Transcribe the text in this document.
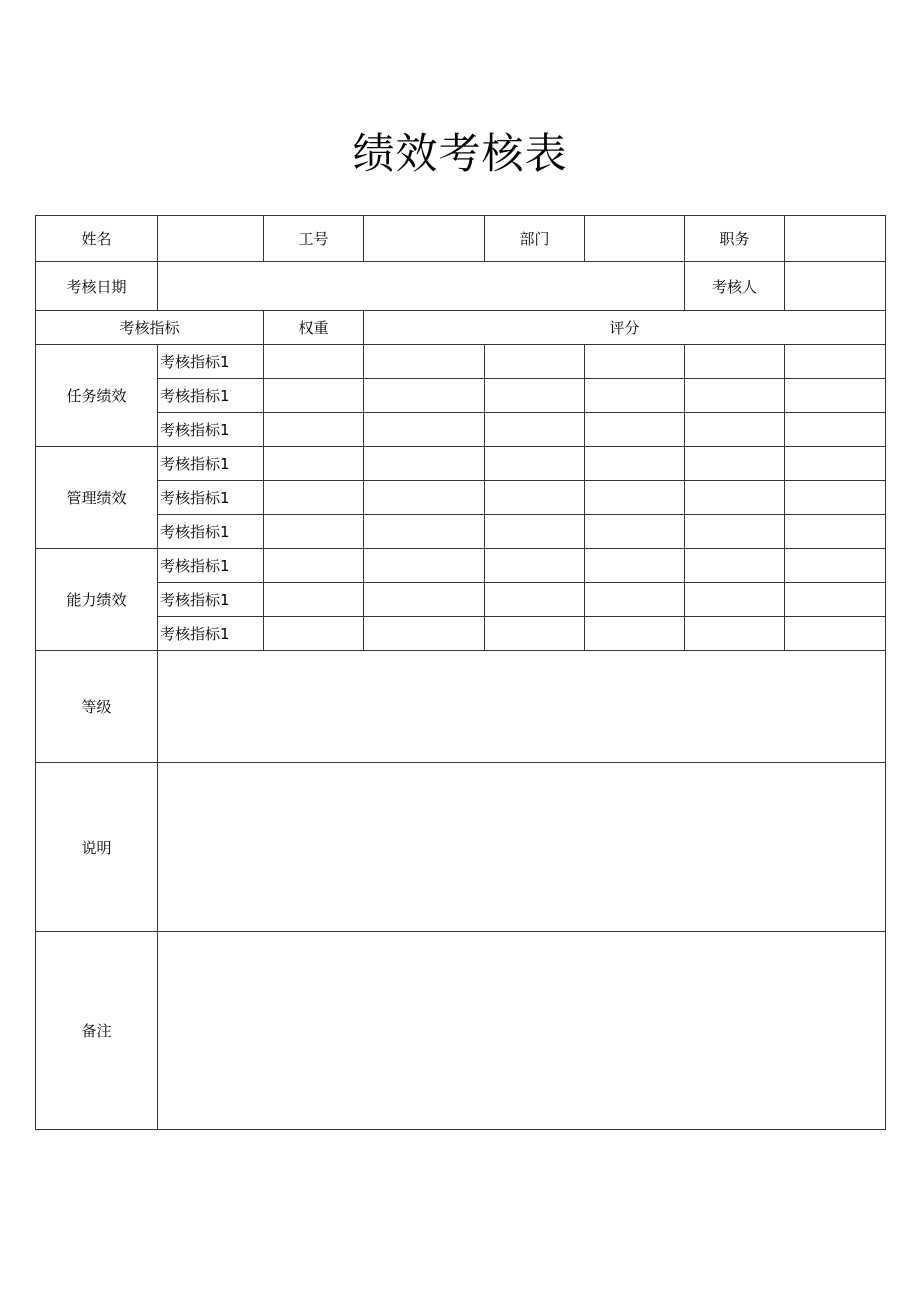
绩效考核表
姓名		工号		部门		职务	
考核日期						考核人	
考核指标		权重	评分				
任务绩效	考核指标1						
	考核指标1						
	考核指标1						
管理绩效	考核指标1						
	考核指标1						
	考核指标1						
能力绩效	考核指标1						
	考核指标1						
	考核指标1						
等级							
说明							
备注							
